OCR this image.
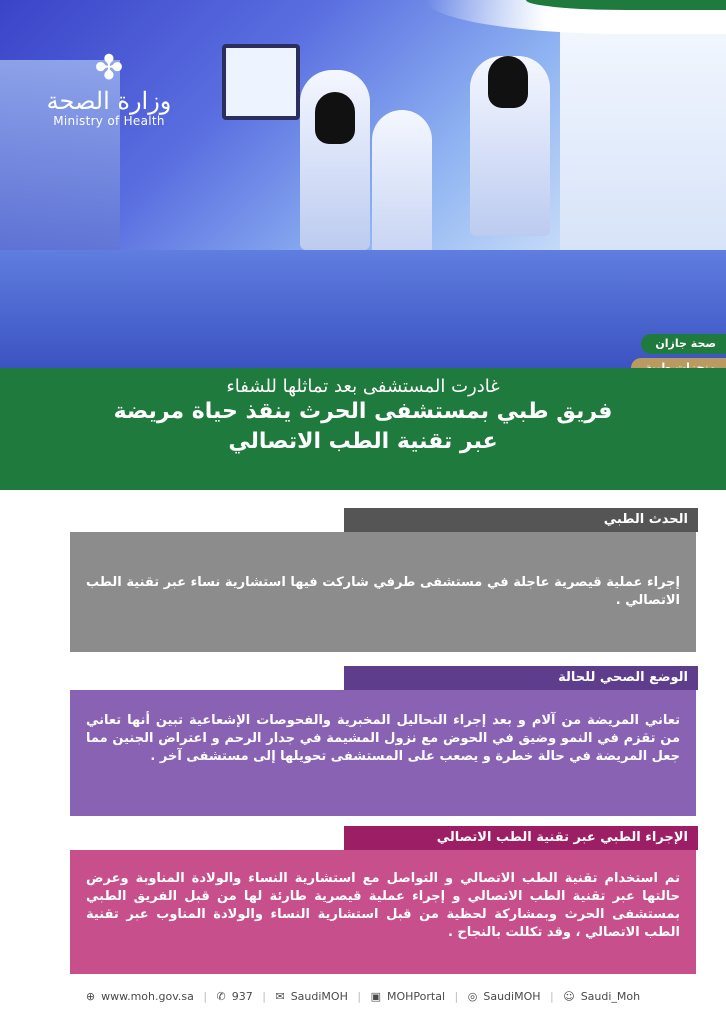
✤
وزارة الصحة
Ministry of Health
صحة جازان
غادرت المستشفى بعد تماثلها للشفاء
فريق طبي بمستشفى الحرث ينقذ حياة مريضة
عبر تقنية الطب الاتصالي
الحدث الطبي
إجراء عملية قيصرية عاجلة في مستشفى طرفي شاركت فيها استشارية نساء عبر تقنية الطب الاتصالي .
الوضع الصحي للحالة
تعاني المريضة من آلام و بعد إجراء التحاليل المخبرية والفحوصات الإشعاعية تبين أنها تعاني من تقزم في النمو وضيق في الحوض مع نزول المشيمة في جدار الرحم و اعتراض الجنين مما جعل المريضة في حالة خطرة و يصعب على المستشفى تحويلها إلى مستشفى آخر .
الإجراء الطبي عبر تقنية الطب الاتصالي
تم استخدام تقنية الطب الاتصالي و التواصل مع استشارية النساء والولادة المناوبة وعرض حالتها عبر تقنية الطب الاتصالي و إجراء عملية قيصرية طارئة لها من قبل الفريق الطبي بمستشفى الحرث وبمشاركة لحظية من قبل استشارية النساء والولادة المناوب عبر تقنية الطب الاتصالي ، وقد تكللت بالنجاح .
⊕ www.moh.gov.sa | ✆ 937 | ✉ SaudiMOH | ▣ MOHPortal | ◎ SaudiMOH | ☺ Saudi_Moh
